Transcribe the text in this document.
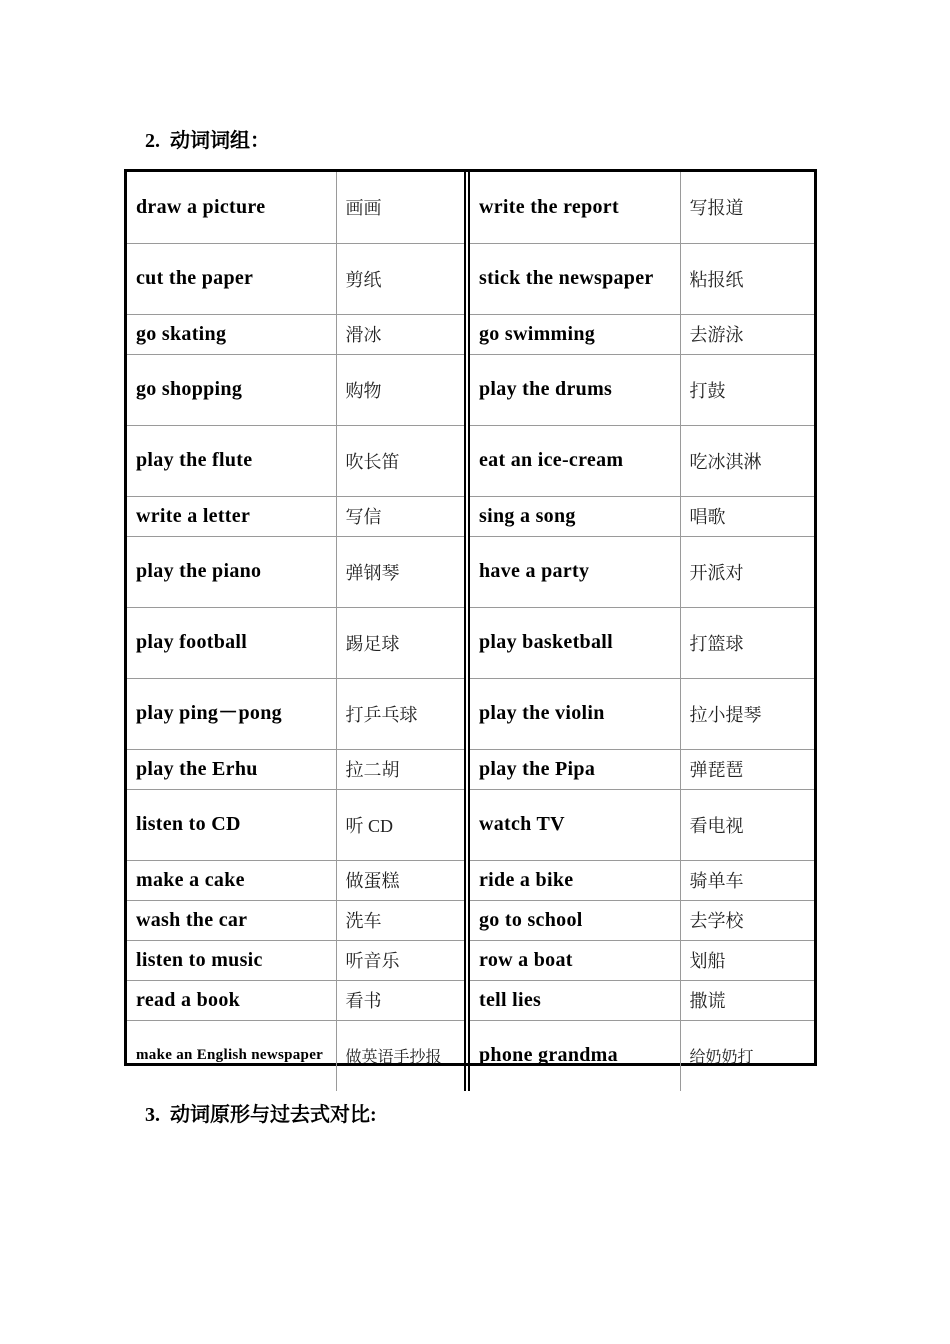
2. 动词词组：
draw a picture	画画	write the report	写报道
cut the paper	剪纸	stick the newspaper	粘报纸
go skating	滑冰	go swimming	去游泳
go shopping	购物	play the drums	打鼓
play the flute	吹长笛	eat an ice-cream	吃冰淇淋
write a letter	写信	sing a song	唱歌
play the piano	弹钢琴	have a party	开派对
play football	踢足球	play basketball	打篮球
play ping－pong	打乒乓球	play the violin	拉小提琴
play the Erhu	拉二胡	play the Pipa	弹琵琶
listen to CD	听 CD	watch TV	看电视
make a cake	做蛋糕	ride a bike	骑单车
wash the car	洗车	go to school	去学校
listen to music	听音乐	row a boat	划船
read a book	看书	tell lies	撒谎
make an English newspaper	做英语手抄报	phone grandma	给奶奶打
3. 动词原形与过去式对比:
